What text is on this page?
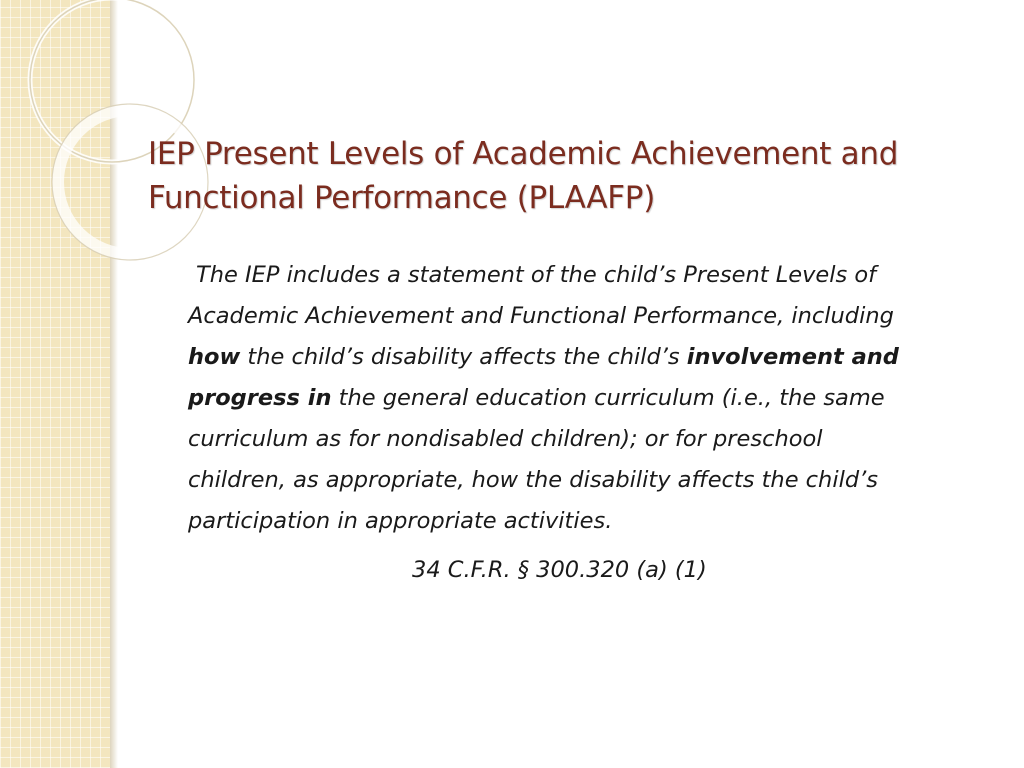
IEP Present Levels of Academic Achievement and
Functional Performance (PLAAFP)
The IEP includes a statement of the child’s Present Levels of
Academic Achievement and Functional Performance, including
how the child’s disability affects the child’s involvement and
progress in the general education curriculum (i.e., the same
curriculum as for nondisabled children); or for preschool
children, as appropriate, how the disability affects the child’s
participation in appropriate activities.
34 C.F.R. § 300.320 (a) (1)
